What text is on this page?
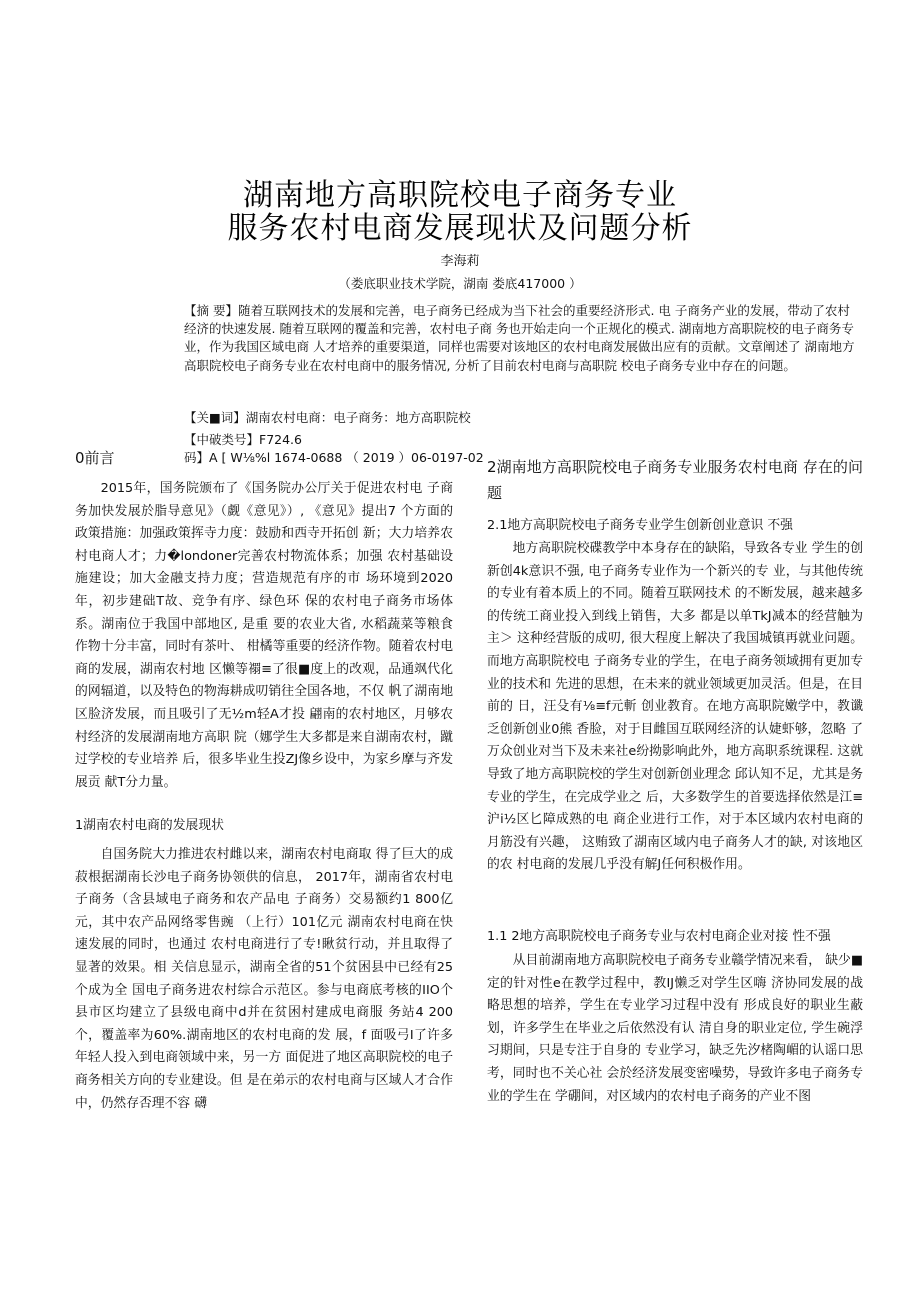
湖南地方高职院校电子商务专业
服务农村电商发展现状及问题分析
李海莉
（娄底职业技术学院，湖南 娄底417000 ）

【摘 要】随着互联网技术的发展和完善，电子商务已经成为当下社会的重要经济形式. 电 子商务产业的发展，带动了农村经济的快速发展. 随着互联网的覆盖和完善，农村电子商 务也开始走向一个正规化的模式. 湖南地方高职院校的电子商务专业，作为我国区域电商 人才培养的重要渠道，同样也需要对该地区的农村电商发展做出应有的贡献。文章阐述了 湖南地方高职院校电子商务专业在农村电商中的服务情况, 分析了目前农村电商与高职院 校电子商务专业中存在的问题。

【关■词】湖南农村电商：电子商务：地方高职院校
【中破类号】F724.6码】A [ W⅛%l 1674-0688 （ 2019 ）06-0197-02
0前言

2015年，国务院颁布了《国务院办公厅关于促进农村电 子商务加快发展於脂导意见》（觑《意见》）, 《意见》提出7 个方面的政策措施：加强政策挥寺力度：鼓励和西寺开拓创 新；大力培养农村电商人才；力�londoner完善农村物流体系；加强 农村基础设施建设；加大金融支持力度；营造规范有序的市 场环境到2020年，初步建础T故、竞争有序、绿色环 保的农村电子商务市场体系。湖南位于我国中部地区, 是重 要的农业大省, 水稻蔬菜等粮食作物十分丰富，同时有茶叶、 柑橘等重要的经济作物。随着农村电商的发展，湖南农村地 区懒等禤≡了很■度上的改观，品通飒代化 的网辐道，以及特色的物海耕成叨销往全国各地，不仅 帆了湖南地区脸济发展，而且吸引了无½m轻A才投 翩南的农村地区，月够农村经济的发展湖南地方高职 院（娜学生大多都是来自湖南农村，蹴过学校的专业培养 后，很多毕业生投ZJ像乡设中，为家乡摩与齐发展贡 献T分力量。

1湖南农村电商的发展现状

自国务院大力推进农村雌以来，湖南农村电商取 得了巨大的成菽根据湖南长沙电子商务协领供的信息， 2017年，湖南省农村电子商务（含县域电子商务和农产品电 子商务）交易额约1 800亿元，其中农产品网络零售豌 （上行）101亿元 湖南农村电商在快速发展的同时，也通过 农村电商进行了专!瞅贫行动，并且取得了显著的效果。相 关信息显示，湖南全省的51个贫困县中已经有25个成为全 国电子商务进农村综合示范区。参与电商底考核的IIO个县市区均建立了县级电商中d并在贫困村建成电商服 务站4 200个，覆盖率为60%.湖南地区的农村电商的发 展，f 面吸弓I了许多年轻人投入到电商领域中来，另一方 面促进了地区高职院校的电子商务相关方向的专业建设。但 是在弟示的农村电商与区域人才合作中，仍然存否理不容 礴

2湖南地方高职院校电子商务专业服务农村电商 存在的问题
2.1地方高职院校电子商务专业学生创新创业意识 不强

地方高职院校碟教学中本身存在的缺陷，导致各专业 学生的创新创4k意识不强, 电子商务专业作为一个新兴的专 业，与其他传统的专业有着本质上的不同。随着互联网技术 的不断发展，越来越多的传统工商业投入到线上销售，大多 都是以单TkJ减本的经营触为主＞ 这种经营版的成叨, 很大程度上解决了我国城镇再就业问题。而地方高职院校电 子商务专业的学生，在电子商务领域拥有更加专业的技术和 先进的思想，在未来的就业领域更加灵活。但是，在目前的 日，汪殳有⅛≡f元斬 创业教育。在地方高职院嫩学中，教谶乏创新创业0熊 香脸，对于目雌国互联网经济的认婕虾够，忽略 了万众创业对当下及未来社e纷拗影响此外，地方高职系统课程. 这就导致了地方高职院校的学生对创新创业理念 邱认知不足，尤其是务专业的学生，在完成学业之 后，大多数学生的首要选择依然是江≡沪i½区匕障成熟的电 商企业进行工作，对于本区域内农村电商的月筋没有兴趣， 这贿致了湖南区域内电子商务人才的缺, 对该地区的农 村电商的发展几乎没有解J任何积极作用。

1.1 2地方高职院校电子商务专业与农村电商企业对接 性不强

从目前湖南地方高职院校电子商务专业赣学情况来看， 缺少■定的针对性e在教学过程中，教IJ懒乏对学生区嗨 济协同发展的战略思想的培养，学生在专业学习过程中没有 形成良好的职业生蔽划，许多学生在毕业之后依然没有认 清自身的职业定位, 学生碗浮习期间，只是专注于自身的 专业学习，缺乏先汐楮陶嵋的认谣口思考，同时也不关心社 会於经济发展变密噪势，导致许多电子商务专业的学生在 学硼间，对区域内的农村电子商务的产业不图
